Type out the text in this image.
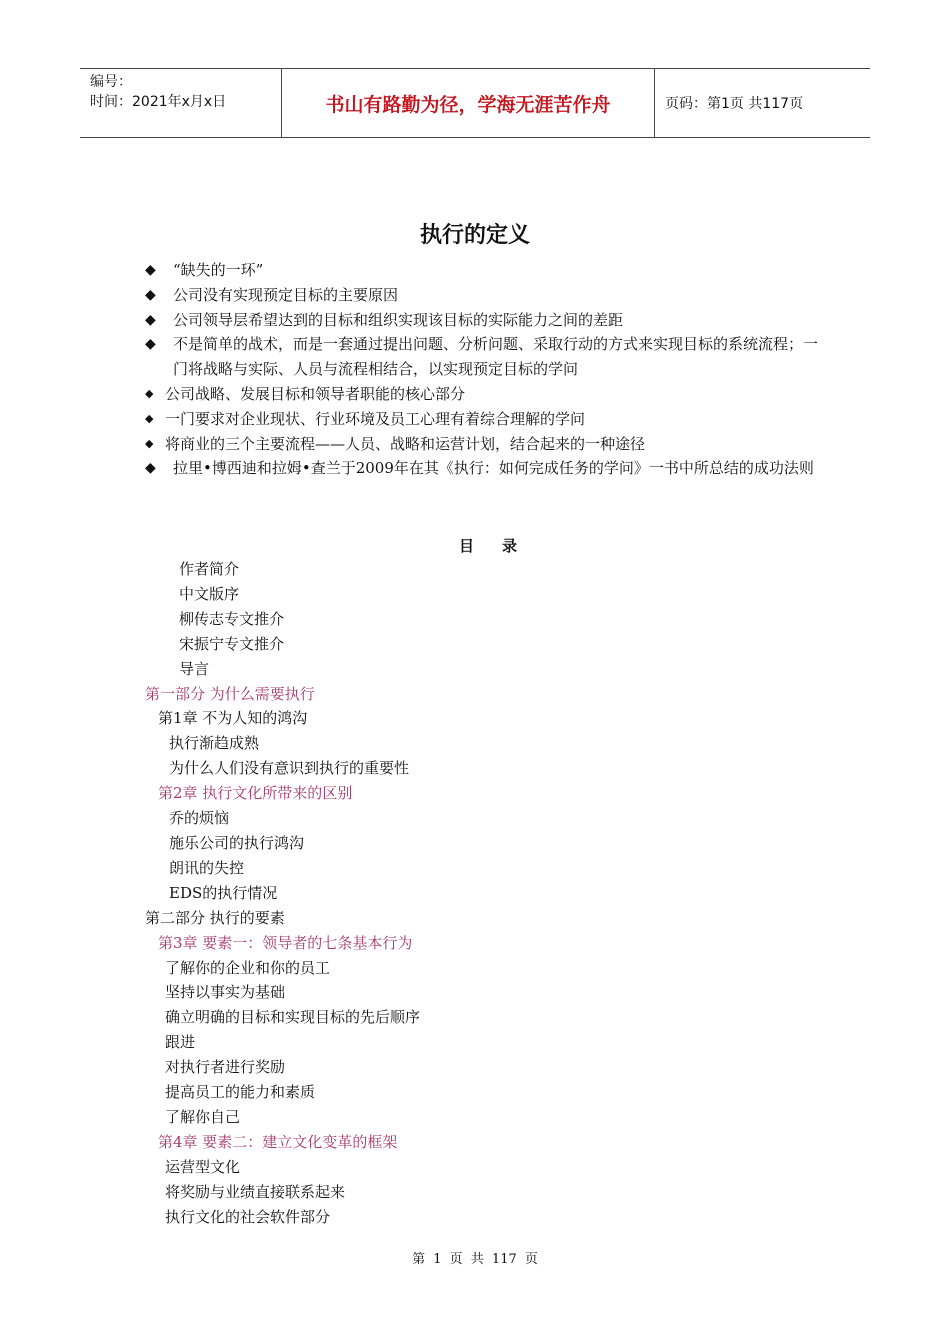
编号：
时间：2021年x月x日	书山有路勤为径，学海无涯苦作舟	页码：第1页 共117页
执行的定义
◆	“缺失的一环”
◆	公司没有实现预定目标的主要原因
◆	公司领导层希望达到的目标和组织实现该目标的实际能力之间的差距
◆	不是简单的战术，而是一套通过提出问题、分析问题、采取行动的方式来实现目标的系统流程；一门将战略与实际、人员与流程相结合，以实现预定目标的学问
◆ 公司战略、发展目标和领导者职能的核心部分
◆ 一门要求对企业现状、行业环境及员工心理有着综合理解的学问
◆ 将商业的三个主要流程——人员、战略和运营计划，结合起来的一种途径
◆	拉里•博西迪和拉姆•查兰于2009年在其《执行：如何完成任务的学问》一书中所总结的成功法则
目录
作者简介
中文版序
柳传志专文推介
宋振宁专文推介
导言
第一部分 为什么需要执行
第1章 不为人知的鸿沟
执行渐趋成熟
为什么人们没有意识到执行的重要性
第2章 执行文化所带来的区别
乔的烦恼
施乐公司的执行鸿沟
朗讯的失控
EDS的执行情况
第二部分 执行的要素
第3章 要素一：领导者的七条基本行为
了解你的企业和你的员工
坚持以事实为基础
确立明确的目标和实现目标的先后顺序
跟进
对执行者进行奖励
提高员工的能力和素质
了解你自己
第4章 要素二：建立文化变革的框架
运营型文化
将奖励与业绩直接联系起来
执行文化的社会软件部分
第 1 页 共 117 页
